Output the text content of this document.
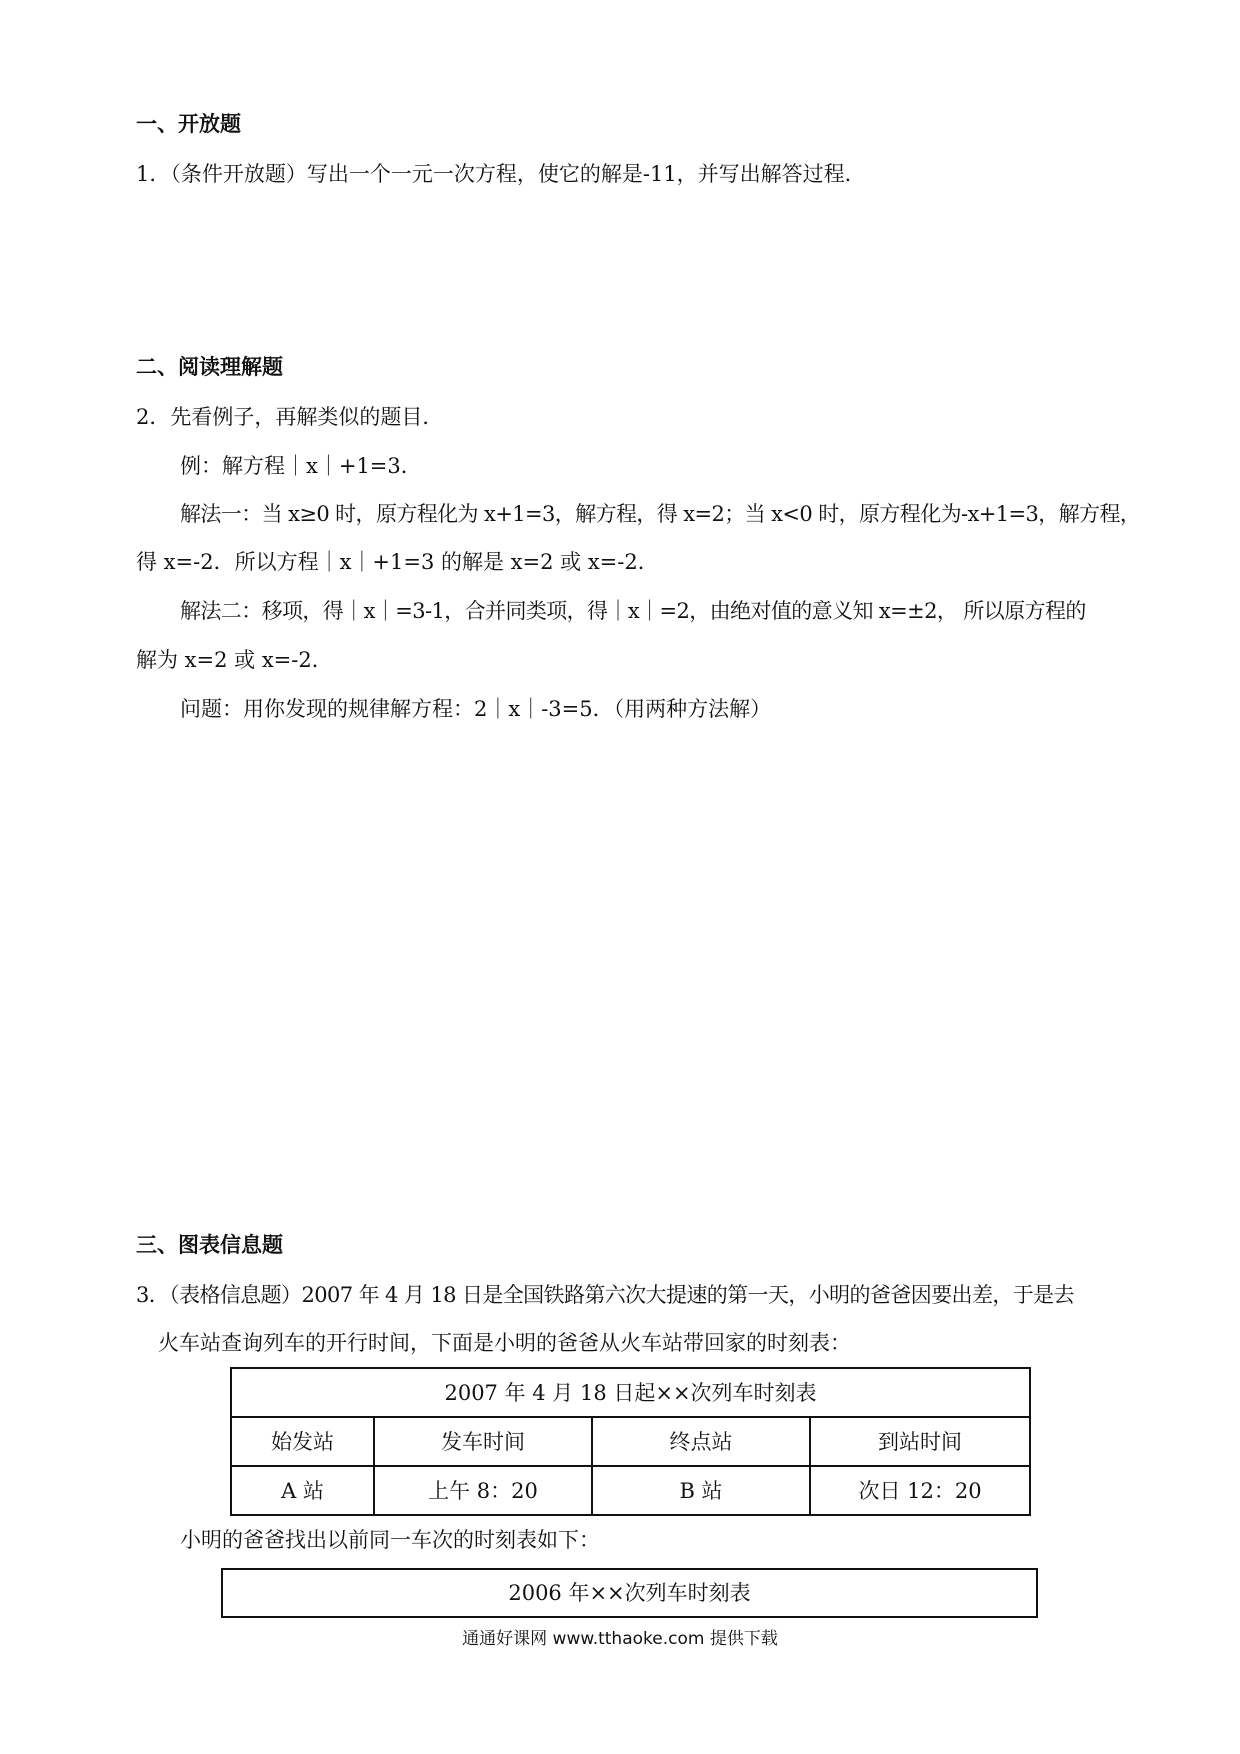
一、开放题
1．（条件开放题）写出一个一元一次方程，使它的解是-11，并写出解答过程．
二、阅读理解题
2．先看例子，再解类似的题目．
例：解方程｜x｜+1=3．
解法一：当 x≥0 时，原方程化为 x+1=3，解方程，得 x=2；当 x<0 时，原方程化为-x+1=3，解方程，
得 x=-2．所以方程｜x｜+1=3 的解是 x=2 或 x=-2．
解法二：移项，得｜x｜=3-1，合并同类项，得｜x｜=2，由绝对值的意义知 x=±2， 所以原方程的
解为 x=2 或 x=-2．
问题：用你发现的规律解方程：2｜x｜-3=5．（用两种方法解）
三、图表信息题
3．（表格信息题）2007 年 4 月 18 日是全国铁路第六次大提速的第一天，小明的爸爸因要出差，于是去
火车站查询列车的开行时间，下面是小明的爸爸从火车站带回家的时刻表：
2007 年 4 月 18 日起××次列车时刻表			
始发站	发车时间	终点站	到站时间
A 站	上午 8：20	B 站	次日 12：20
小明的爸爸找出以前同一车次的时刻表如下：
2006 年××次列车时刻表
通通好课网 www.tthaoke.com 提供下载
